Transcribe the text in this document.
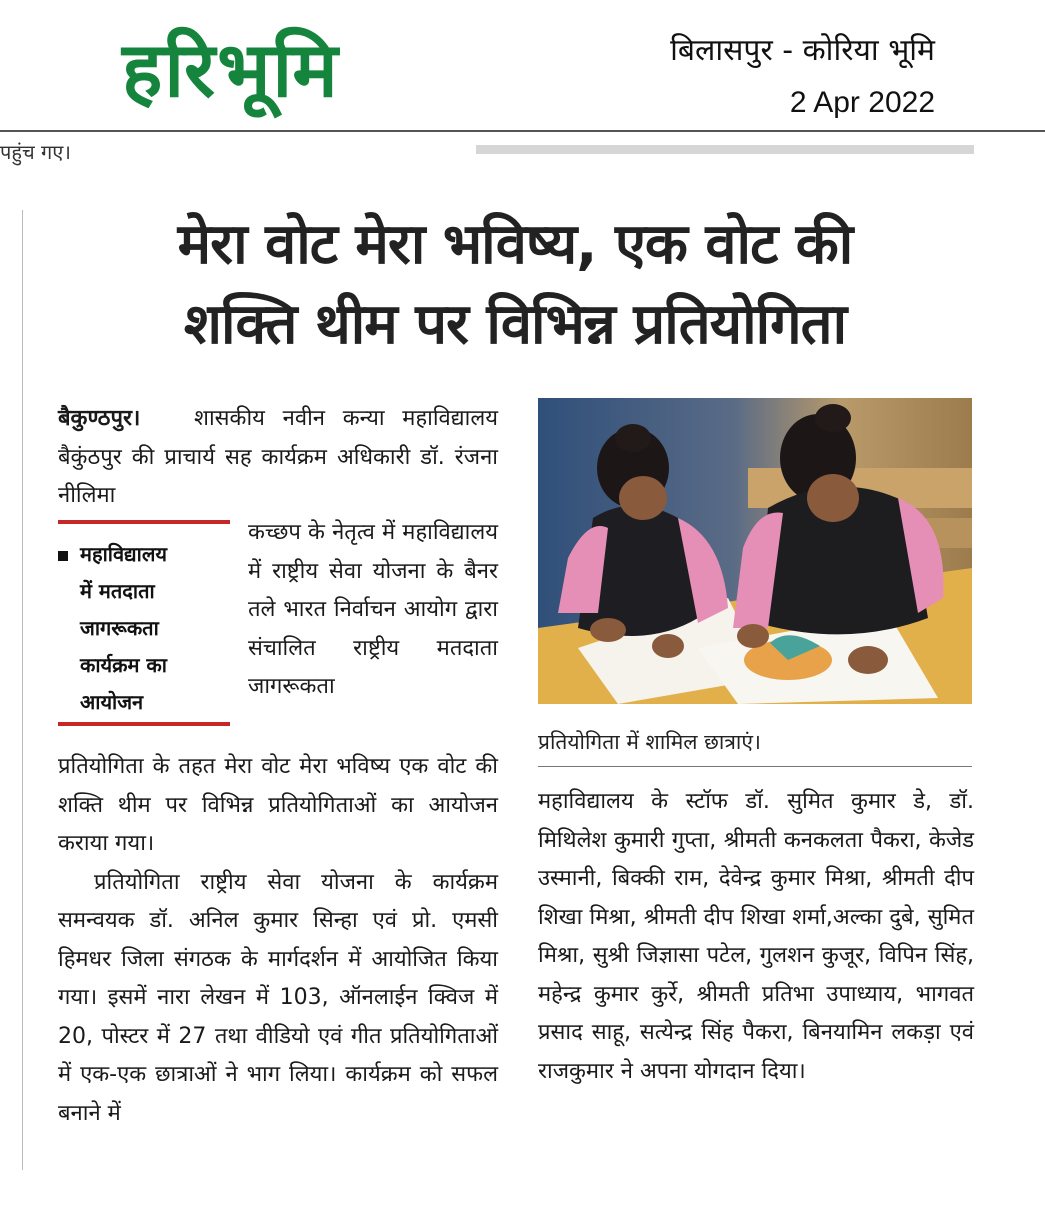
हरिभूमि	बिलासपुर - कोरिया भूमि
2 Apr 2022
पहुंच गए।
मेरा वोट मेरा भविष्य, एक वोट की
शक्ति थीम पर विभिन्न प्रतियोगिता
बैकुण्ठपुर। शासकीय नवीन कन्या महाविद्यालय बैकुंठपुर की प्राचार्य सह कार्यक्रम अधिकारी डॉ. रंजना नीलिमा
महाविद्यालय
में मतदाता
जागरूकता
कार्यक्रम का
आयोजन
कच्छप के नेतृत्व में महाविद्यालय में राष्ट्रीय सेवा योजना के बैनर तले भारत निर्वाचन आयोग द्वारा संचालित राष्ट्रीय मतदाता जागरूकता
प्रतियोगिता के तहत मेरा वोट मेरा भविष्य एक वोट की शक्ति थीम पर विभिन्न प्रतियोगिताओं का आयोजन कराया गया।
प्रतियोगिता राष्ट्रीय सेवा योजना के कार्यक्रम समन्वयक डॉ. अनिल कुमार सिन्हा एवं प्रो. एमसी हिमधर जिला संगठक के मार्गदर्शन में आयोजित किया गया। इसमें नारा लेखन में 103, ऑनलाईन क्विज में 20, पोस्टर में 27 तथा वीडियो एवं गीत प्रतियोगिताओं में एक-एक छात्राओं ने भाग लिया। कार्यक्रम को सफल बनाने में
प्रतियोगिता में शामिल छात्राएं।
महाविद्यालय के स्टॉफ डॉ. सुमित कुमार डे, डॉ. मिथिलेश कुमारी गुप्ता, श्रीमती कनकलता पैकरा, केजेड उस्मानी, बिक्की राम, देवेन्द्र कुमार मिश्रा, श्रीमती दीप शिखा मिश्रा, श्रीमती दीप शिखा शर्मा,अल्का दुबे, सुमित मिश्रा, सुश्री जिज्ञासा पटेल, गुलशन कुजूर, विपिन सिंह, महेन्द्र कुमार कुर्रे, श्रीमती प्रतिभा उपाध्याय, भागवत प्रसाद साहू, सत्येन्द्र सिंह पैकरा, बिनयामिन लकड़ा एवं राजकुमार ने अपना योगदान दिया।
